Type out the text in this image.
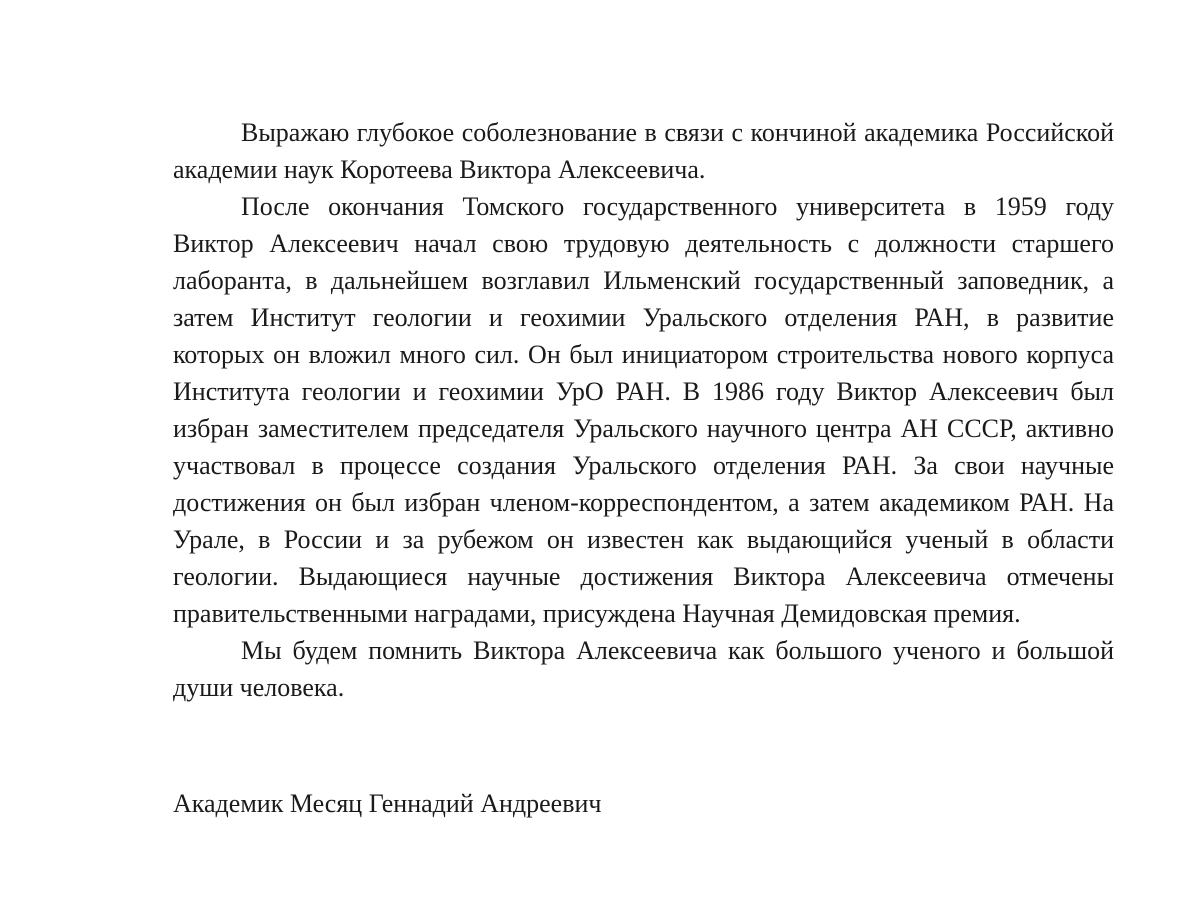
Выражаю глубокое соболезнование в связи с кончиной академика Российской академии наук Коротеева Виктора Алексеевича.

После окончания Томского государственного университета в 1959 году Виктор Алексеевич начал свою трудовую деятельность с должности старшего лаборанта, в дальнейшем возглавил Ильменский государственный заповедник, а затем Институт геологии и геохимии Уральского отделения РАН, в развитие которых он вложил много сил. Он был инициатором строительства нового корпуса Института геологии и геохимии УрО РАН. В 1986 году Виктор Алексеевич был избран заместителем председателя Уральского научного центра АН СССР, активно участвовал в процессе создания Уральского отделения РАН. За свои научные достижения он был избран членом-корреспондентом, а затем академиком РАН. На Урале, в России и за рубежом он известен как выдающийся ученый в области геологии. Выдающиеся научные достижения Виктора Алексеевича отмечены правительственными наградами, присуждена Научная Демидовская премия.

Мы будем помнить Виктора Алексеевича как большого ученого и большой души человека.

Академик Месяц Геннадий Андреевич
